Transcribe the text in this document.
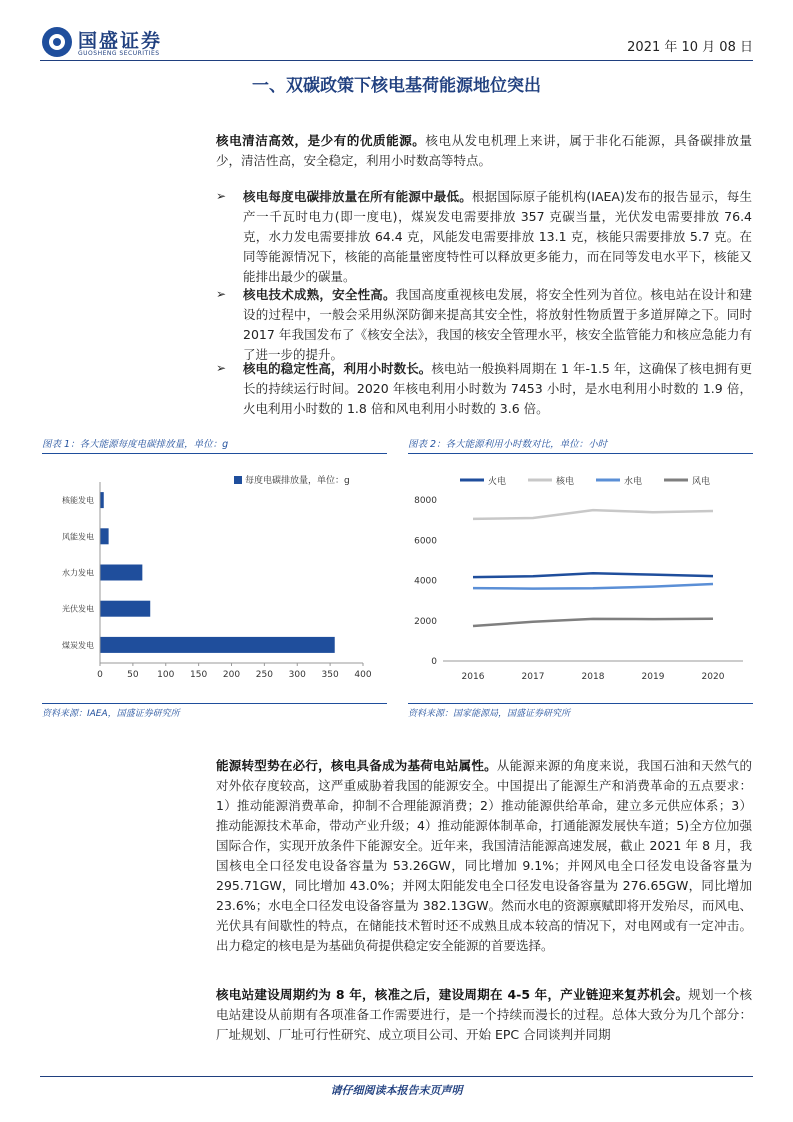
国盛证券
GUOSHENG SECURITIES	2021 年 10 月 08 日
一、双碳政策下核电基荷能源地位突出
核电清洁高效，是少有的优质能源。核电从发电机理上来讲，属于非化石能源，具备碳排放量少，清洁性高，安全稳定，利用小时数高等特点。
➢ 核电每度电碳排放量在所有能源中最低。根据国际原子能机构(IAEA)发布的报告显示，每生产一千瓦时电力(即一度电)，煤炭发电需要排放 357 克碳当量，光伏发电需要排放 76.4 克，水力发电需要排放 64.4 克，风能发电需要排放 13.1 克，核能只需要排放 5.7 克。在同等能源情况下，核能的高能量密度特性可以释放更多能力，而在同等发电水平下，核能又能排出最少的碳量。
➢ 核电技术成熟，安全性高。我国高度重视核电发展，将安全性列为首位。核电站在设计和建设的过程中，一般会采用纵深防御来提高其安全性，将放射性物质置于多道屏障之下。同时 2017 年我国发布了《核安全法》，我国的核安全管理水平，核安全监管能力和核应急能力有了进一步的提升。
➢ 核电的稳定性高，利用小时数长。核电站一般换料周期在 1 年-1.5 年，这确保了核电拥有更长的持续运行时间。2020 年核电利用小时数为 7453 小时，是水电利用小时数的 1.9 倍，火电利用小时数的 1.8 倍和风电利用小时数的 3.6 倍。
图表 1：各大能源每度电碳排放量，单位：g
每度电碳排放量，单位：g
核能发电
风能发电
水力发电
光伏发电
煤炭发电
0	50 100 150 200 250 300 350 400
资料来源：IAEA，国盛证券研究所
图表 2：各大能源利用小时数对比，单位：小时
火电	核电	水电	风电
0
2000
4000
6000
8000
2016	2017	2018	2019	2020
资料来源：国家能源局，国盛证券研究所
能源转型势在必行，核电具备成为基荷电站属性。从能源来源的角度来说，我国石油和天然气的对外依存度较高，这严重威胁着我国的能源安全。中国提出了能源生产和消费革命的五点要求：1）推动能源消费革命，抑制不合理能源消费；2）推动能源供给革命，建立多元供应体系；3）推动能源技术革命，带动产业升级；4）推动能源体制革命，打通能源发展快车道；5)全方位加强国际合作，实现开放条件下能源安全。近年来，我国清洁能源高速发展，截止 2021 年 8 月，我国核电全口径发电设备容量为 53.26GW，同比增加 9.1%；并网风电全口径发电设备容量为 295.71GW，同比增加 43.0%；并网太阳能发电全口径发电设备容量为 276.65GW，同比增加 23.6%；水电全口径发电设备容量为 382.13GW。然而水电的资源禀赋即将开发殆尽，而风电、光伏具有间歇性的特点，在储能技术暂时还不成熟且成本较高的情况下，对电网或有一定冲击。出力稳定的核电是为基础负荷提供稳定安全能源的首要选择。
核电站建设周期约为 8 年，核准之后，建设周期在 4-5 年，产业链迎来复苏机会。规划一个核电站建设从前期有各项准备工作需要进行，是一个持续而漫长的过程。总体大致分为几个部分：厂址规划、厂址可行性研究、成立项目公司、开始 EPC 合同谈判并同期
请仔细阅读本报告末页声明
